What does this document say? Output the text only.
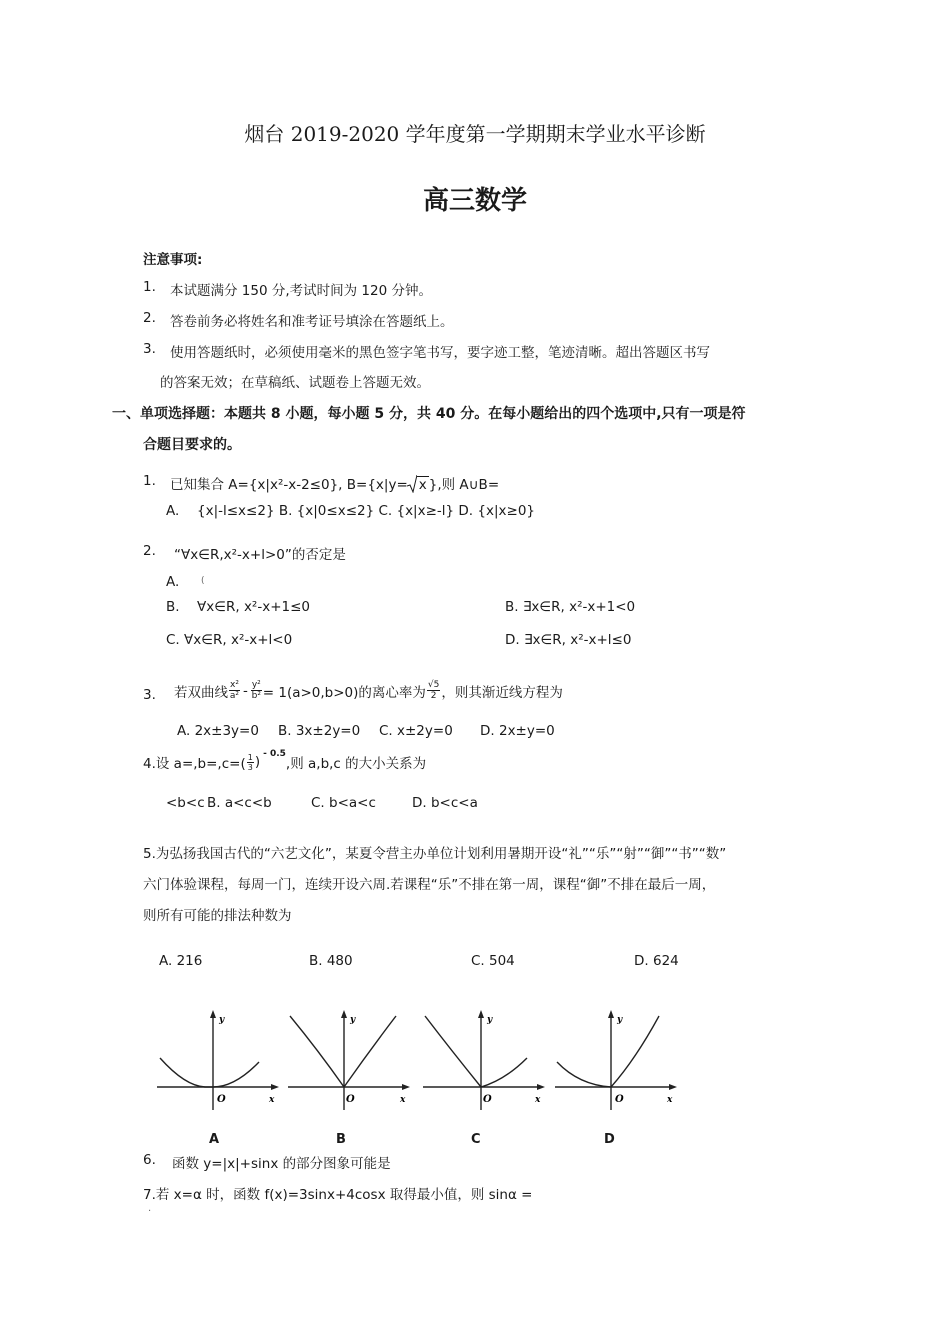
烟台 2019-2020 学年度第一学期期末学业水平诊断
高三数学
注意事项:
1. 本试题满分 150 分,考试时间为 120 分钟。
2. 答卷前务必将姓名和准考证号填涂在答题纸上。
3. 使用答题纸时，必须使用毫米的黑色签字笔书写，要字迹工整，笔迹清晰。超出答题区书写
的答案无效；在草稿纸、试题卷上答题无效。
一、单项选择题：本题共 8 小题，每小题 5 分，共 40 分。在每小题给出的四个选项中,只有一项是符
合题目要求的。
1. 已知集合 A={x|x²-x-2≤0}, B={x|y= x },则 A∪B=
A. {x|-l≤x≤2} B. {x|0≤x≤2} C. {x|x≥-l} D. {x|x≥0}
2. “∀x∈R,x²-x+l>0”的否定是
A. (
B. ∀x∈R, x²-x+1≤0	B. ∃x∈R, x²-x+1<0
C. ∀x∈R, x²-x+l<0	D. ∃x∈R, x²-x+l≤0
3. 若双曲线 $\frac{\text{x²}}{\text{a²}} - \frac{\text{y²}}{\text{b²}} = 1(a>0,b>0)$的离心率为 $\frac{√5}{2}$ ，则其渐近线方程为
A. 2x±3y=0 B. 3x±2y=0 C. x±2y=0 D. 2x±y=0
4.设 $a=,b=,c=( \frac{1}{3}$ ) - 0.5
,则 a,b,c 的大小关系为
<b<c B. a<c<b	C. b<a<c	D. b<c<a
5.为弘扬我国古代的“六艺文化”，某夏令营主办单位计划利用暑期开设“礼”“乐”“射”“御”“书”“数”
六门体验课程，每周一门，连续开设六周.若课程“乐”不排在第一周，课程“御”不排在最后一周，
则所有可能的排法种数为
A. 216	B. 480	C. 504	D. 624
y
x
O
y
x
O
y
x
O
y
x
O
A	B	C	D
6. 函数 y=|x|+sinx 的部分图象可能是
7.若 x=α 时，函数 f(x)=3sinx+4cosx 取得最小值，则 sinα =
.
